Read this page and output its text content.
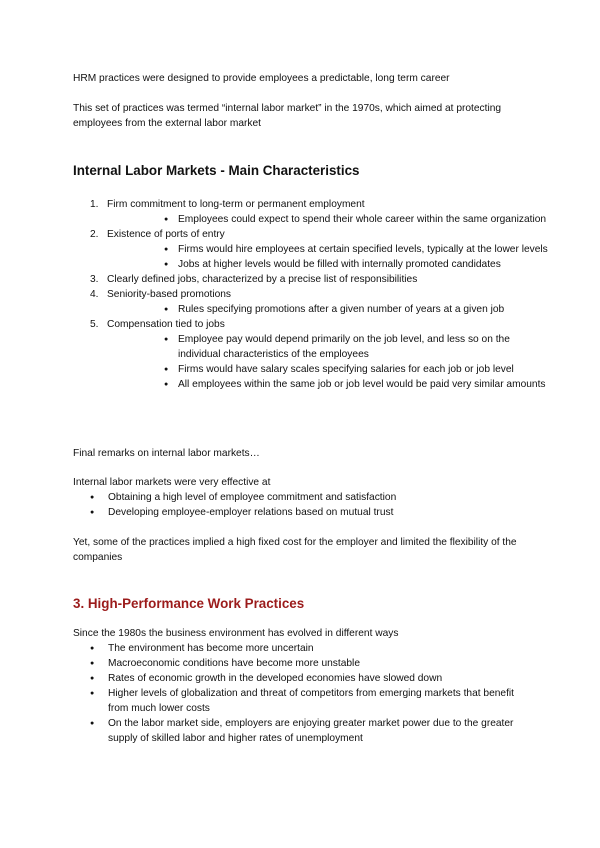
HRM practices were designed to provide employees a predictable, long term career

This set of practices was termed “internal labor market” in the 1970s, which aimed at protecting employees from the external labor market

Internal Labor Markets - Main Characteristics
1. Firm commitment to long-term or permanent employment
● Employees could expect to spend their whole career within the same organization
2. Existence of ports of entry
● Firms would hire employees at certain specified levels, typically at the lower levels
● Jobs at higher levels would be filled with internally promoted candidates
3. Clearly defined jobs, characterized by a precise list of responsibilities
4. Seniority-based promotions
● Rules specifying promotions after a given number of years at a given job
5. Compensation tied to jobs
● Employee pay would depend primarily on the job level, and less so on the individual characteristics of the employees
● Firms would have salary scales specifying salaries for each job or job level
● All employees within the same job or job level would be paid very similar amounts

Final remarks on internal labor markets…

Internal labor markets were very effective at

● Obtaining a high level of employee commitment and satisfaction
● Developing employee-employer relations based on mutual trust

Yet, some of the practices implied a high fixed cost for the employer and limited the flexibility of the companies

3. High-Performance Work Practices

Since the 1980s the business environment has evolved in different ways

● The environment has become more uncertain
● Macroeconomic conditions have become more unstable
● Rates of economic growth in the developed economies have slowed down
● Higher levels of globalization and threat of competitors from emerging markets that benefit from much lower costs
● On the labor market side, employers are enjoying greater market power due to the greater supply of skilled labor and higher rates of unemployment
